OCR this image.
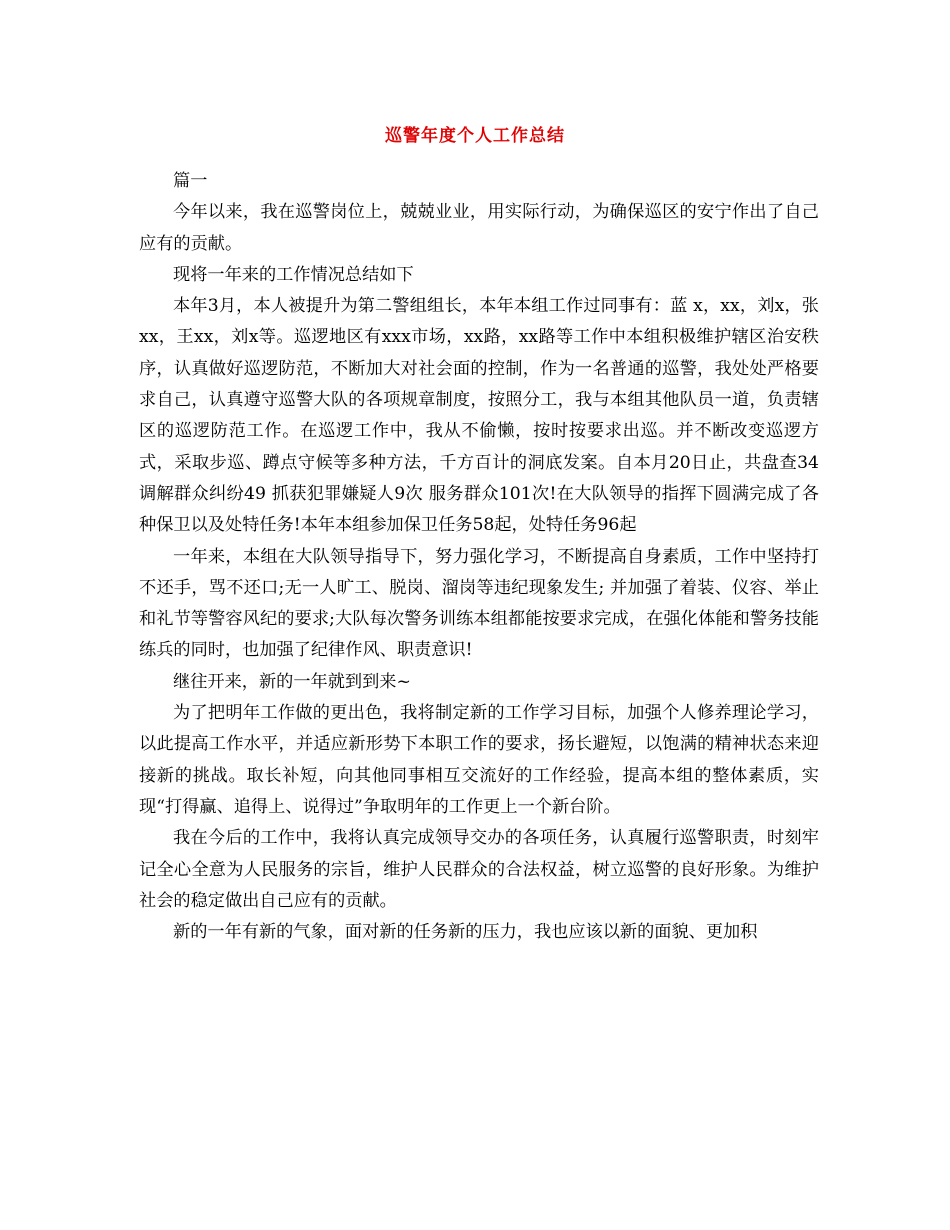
巡警年度个人工作总结

篇一

今年以来，我在巡警岗位上，兢兢业业，用实际行动，为确保巡区的安宁作出了自己应有的贡献。

现将一年来的工作情况总结如下

本年3月，本人被提升为第二警组组长，本年本组工作过同事有：蓝 x，xx，刘x，张xx，王xx，刘x等。巡逻地区有xxx市场，xx路，xx路等工作中本组积极维护辖区治安秩序，认真做好巡逻防范，不断加大对社会面的控制，作为一名普通的巡警，我处处严格要求自己，认真遵守巡警大队的各项规章制度，按照分工，我与本组其他队员一道，负责辖区的巡逻防范工作。在巡逻工作中，我从不偷懒，按时按要求出巡。并不断改变巡逻方式，采取步巡、蹲点守候等多种方法，千方百计的洞底发案。自本月20日止，共盘查34 调解群众纠纷49 抓获犯罪嫌疑人9次 服务群众101次!在大队领导的指挥下圆满完成了各种保卫以及处特任务!本年本组参加保卫任务58起，处特任务96起

一年来，本组在大队领导指导下，努力强化学习，不断提高自身素质，工作中坚持打不还手，骂不还口;无一人旷工、脱岗、溜岗等违纪现象发生; 并加强了着装、仪容、举止和礼节等警容风纪的要求;大队每次警务训练本组都能按要求完成，在强化体能和警务技能练兵的同时，也加强了纪律作风、职责意识!

继往开来，新的一年就到到来~

为了把明年工作做的更出色，我将制定新的工作学习目标，加强个人修养理论学习，以此提高工作水平，并适应新形势下本职工作的要求，扬长避短，以饱满的精神状态来迎接新的挑战。取长补短，向其他同事相互交流好的工作经验，提高本组的整体素质，实现“打得赢、追得上、说得过”争取明年的工作更上一个新台阶。

我在今后的工作中，我将认真完成领导交办的各项任务，认真履行巡警职责，时刻牢记全心全意为人民服务的宗旨，维护人民群众的合法权益，树立巡警的良好形象。为维护社会的稳定做出自己应有的贡献。

新的一年有新的气象，面对新的任务新的压力，我也应该以新的面貌、更加积
